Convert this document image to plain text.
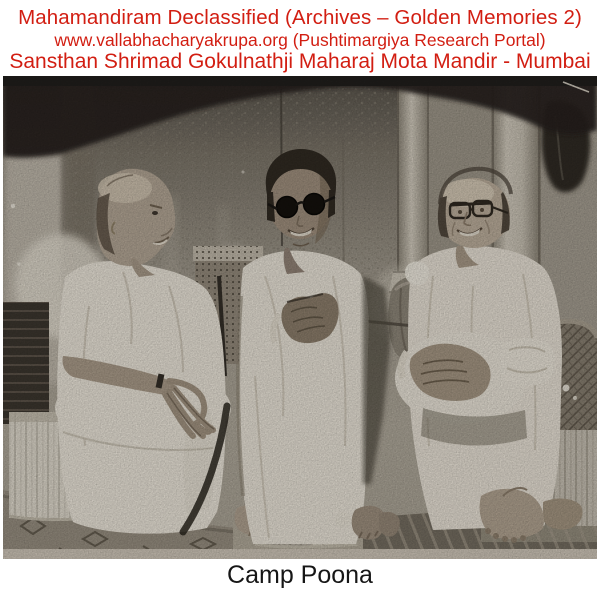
Mahamandiram Declassified (Archives – Golden Memories 2)
www.vallabhacharyakrupa.org (Pushtimargiya Research Portal)
Sansthan Shrimad Gokulnathji Maharaj Mota Mandir - Mumbai
Camp Poona
